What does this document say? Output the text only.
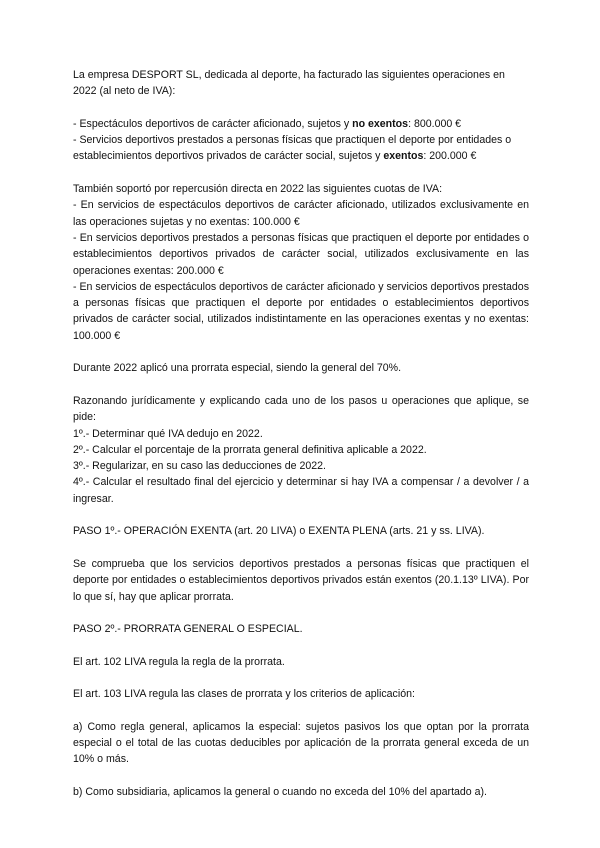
La empresa DESPORT SL, dedicada al deporte, ha facturado las siguientes operaciones en 2022 (al neto de IVA):

- Espectáculos deportivos de carácter aficionado, sujetos y no exentos: 800.000 €
- Servicios deportivos prestados a personas físicas que practiquen el deporte por entidades o establecimientos deportivos privados de carácter social, sujetos y exentos: 200.000 €

También soportó por repercusión directa en 2022 las siguientes cuotas de IVA:
- En servicios de espectáculos deportivos de carácter aficionado, utilizados exclusivamente en las operaciones sujetas y no exentas: 100.000 €
- En servicios deportivos prestados a personas físicas que practiquen el deporte por entidades o establecimientos deportivos privados de carácter social, utilizados exclusivamente en las operaciones exentas: 200.000 €
- En servicios de espectáculos deportivos de carácter aficionado y servicios deportivos prestados a personas físicas que practiquen el deporte por entidades o establecimientos deportivos privados de carácter social, utilizados indistintamente en las operaciones exentas y no exentas: 100.000 €

Durante 2022 aplicó una prorrata especial, siendo la general del 70%.

Razonando jurídicamente y explicando cada uno de los pasos u operaciones que aplique, se pide:
1º.- Determinar qué IVA dedujo en 2022.
2º.- Calcular el porcentaje de la prorrata general definitiva aplicable a 2022.
3º.- Regularizar, en su caso las deducciones de 2022.
4º.- Calcular el resultado final del ejercicio y determinar si hay IVA a compensar / a devolver / a ingresar.

PASO 1º.- OPERACIÓN EXENTA (art. 20 LIVA) o EXENTA PLENA (arts. 21 y ss. LIVA).

Se comprueba que los servicios deportivos prestados a personas físicas que practiquen el deporte por entidades o establecimientos deportivos privados están exentos (20.1.13º LIVA). Por lo que sí, hay que aplicar prorrata.

PASO 2º.- PRORRATA GENERAL O ESPECIAL.

El art. 102 LIVA regula la regla de la prorrata.

El art. 103 LIVA regula las clases de prorrata y los criterios de aplicación:

a) Como regla general, aplicamos la especial: sujetos pasivos los que optan por la prorrata especial o el total de las cuotas deducibles por aplicación de la prorrata general exceda de un 10% o más.

b) Como subsidiaria, aplicamos la general o cuando no exceda del 10% del apartado a).
